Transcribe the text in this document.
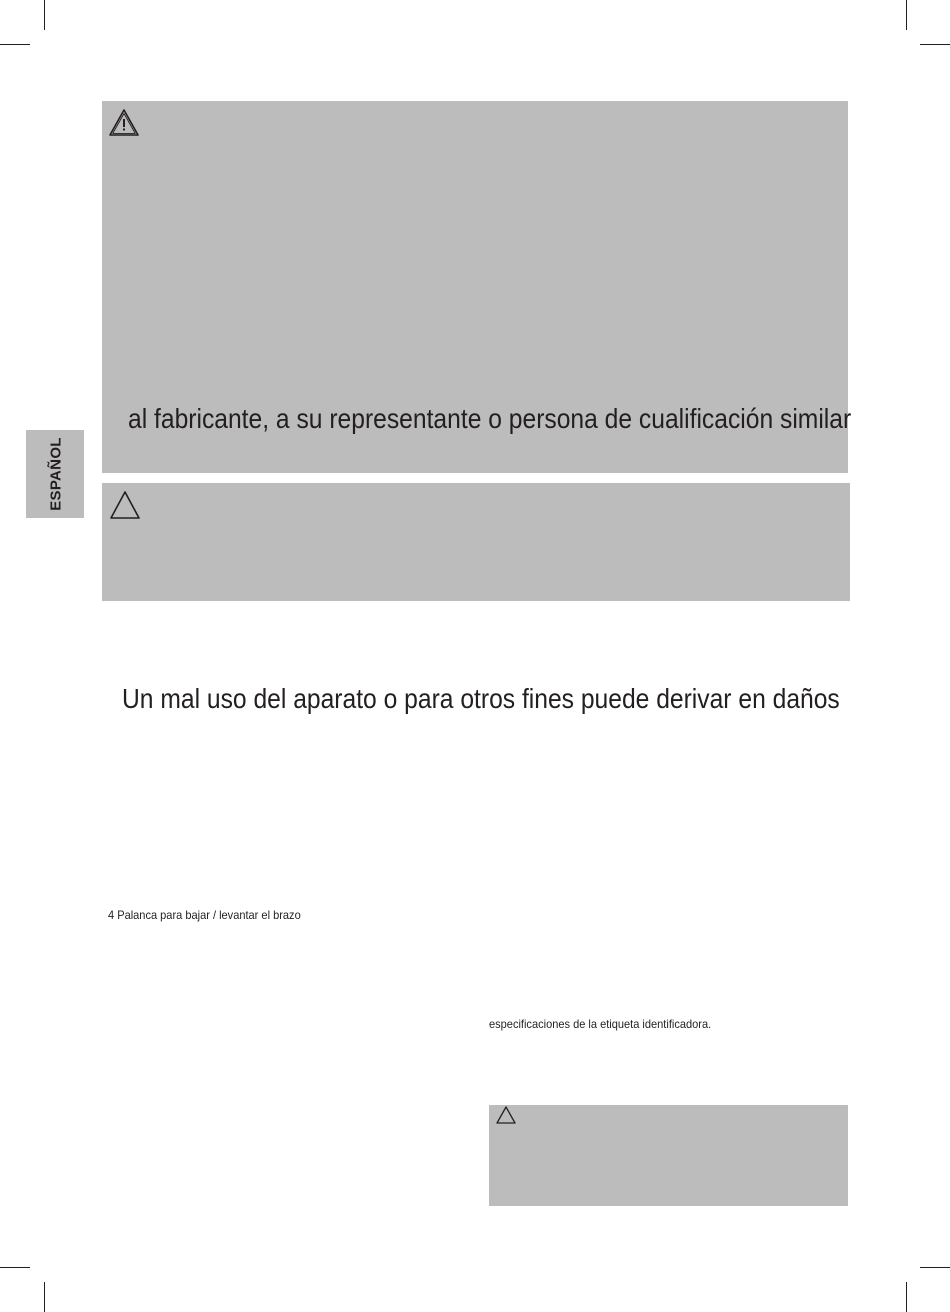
ESPAÑOL
al fabricante, a su representante o persona de cualificación similar
Un mal uso del aparato o para otros fines puede derivar en daños
4 Palanca para bajar / levantar el brazo
especificaciones de la etiqueta identificadora.
